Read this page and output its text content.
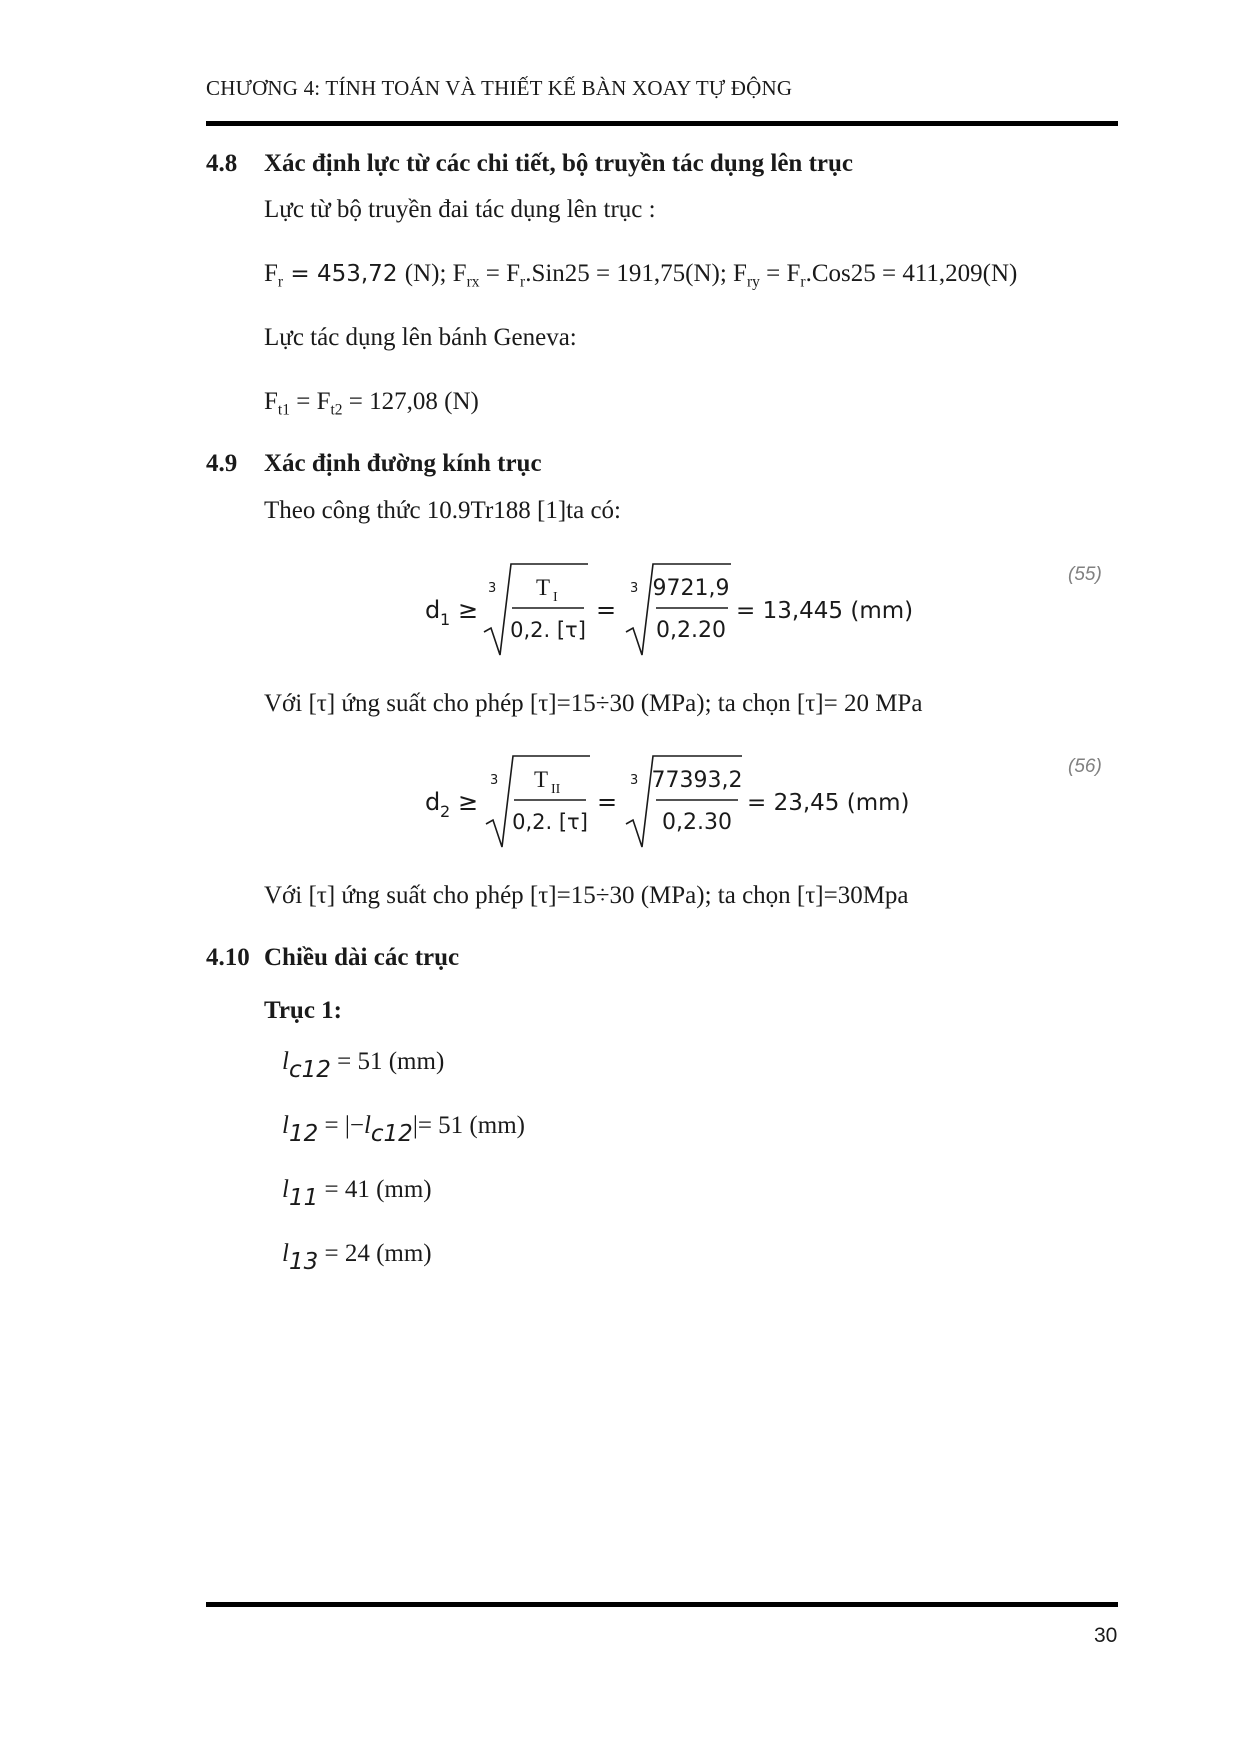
CHƯƠNG 4: TÍNH TOÁN VÀ THIẾT KẾ BÀN XOAY TỰ ĐỘNG
4.8 Xác định lực từ các chi tiết, bộ truyền tác dụng lên trục
Lực từ bộ truyền đai tác dụng lên trục :
$F_r = 453,72$ (N); $F_{rx} = F_r.Sin25 = 191,75(N)$; $F_{ry} = F_r.Cos25 = 411,209(N)$
Lực tác dụng lên bánh Geneva:
$F_{t1} = F_{t2} = 127,08$ (N)
4.9 Xác định đường kính trục
Theo công thức 10.9Tr188 [1]ta có:
d 1 ≥
3 T I
0,2. [τ]
=
3 9721,9
0,2.20
= 13,445 (mm)
(55)
Với [τ] ứng suất cho phép [τ]=15÷30 (MPa); ta chọn [τ]= 20 MPa
d 2 ≥
3 T II
0,2. [τ]
=
3 77393,2
0,2.30
= 23,45 (mm)
(56)
Với [τ] ứng suất cho phép [τ]=15÷30 (MPa); ta chọn [τ]=30Mpa
4.10 Chiều dài các trục
Trục 1:
$l_{c12} = 51$ (mm)
$l_{12} = |-l_{c12}|= 51$ (mm)
$l_{11} = 41$ (mm)
$l_{13} = 24$ (mm)
30
